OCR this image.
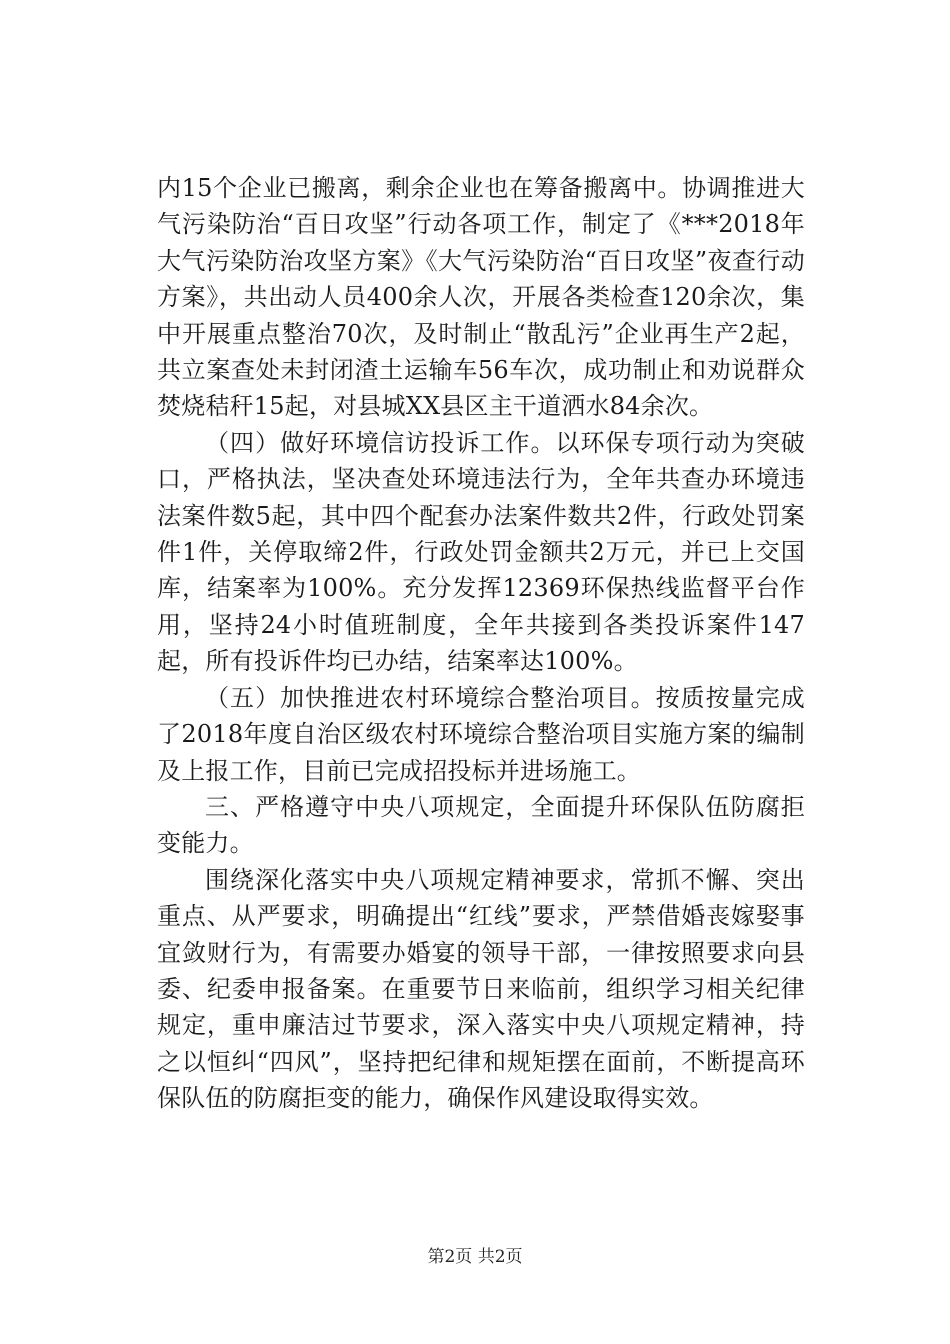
内15个企业已搬离，剩余企业也在筹备搬离中。协调推进大气污染防治“百日攻坚”行动各项工作，制定了《***2018年大气污染防治攻坚方案》《大气污染防治“百日攻坚”夜查行动方案》，共出动人员400余人次，开展各类检查120余次，集中开展重点整治70次，及时制止“散乱污”企业再生产2起，共立案查处未封闭渣土运输车56车次，成功制止和劝说群众焚烧秸秆15起，对县城XX县区主干道洒水84余次。

（四）做好环境信访投诉工作。以环保专项行动为突破口，严格执法，坚决查处环境违法行为，全年共查办环境违法案件数5起，其中四个配套办法案件数共2件，行政处罚案件1件，关停取缔2件，行政处罚金额共2万元，并已上交国库，结案率为100%。充分发挥12369环保热线监督平台作用，坚持24小时值班制度，全年共接到各类投诉案件147起，所有投诉件均已办结，结案率达100%。

（五）加快推进农村环境综合整治项目。按质按量完成了2018年度自治区级农村环境综合整治项目实施方案的编制及上报工作，目前已完成招投标并进场施工。

三、严格遵守中央八项规定，全面提升环保队伍防腐拒变能力。

围绕深化落实中央八项规定精神要求，常抓不懈、突出重点、从严要求，明确提出“红线”要求，严禁借婚丧嫁娶事宜敛财行为，有需要办婚宴的领导干部，一律按照要求向县委、纪委申报备案。在重要节日来临前，组织学习相关纪律规定，重申廉洁过节要求，深入落实中央八项规定精神，持之以恒纠“四风”，坚持把纪律和规矩摆在面前，不断提高环保队伍的防腐拒变的能力，确保作风建设取得实效。

第2页 共2页
